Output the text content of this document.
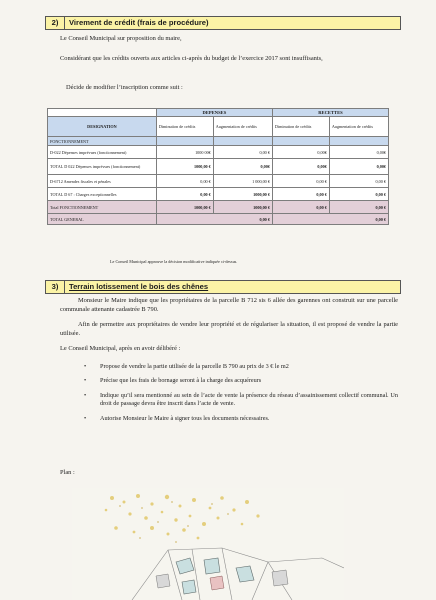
2) Virement de crédit (frais de procédure)
Le Conseil Municipal sur proposition du maire,
Considérant que les crédits ouverts aux articles ci-après du budget de l’exercice 2017 sont insuffisants,
Décide de modifier l’inscription comme suit :
	DEPENSES		RECETTES	
DESIGNATION	Diminution de crédits	Augmentation de crédits	Diminution de crédits	Augmentation de crédits
FONCTIONNEMENT				
D-022 Dépenses imprévues (fonctionnement)	1000 00€	0,00 €	0,00€	0,00€
TOTAL D 022 Dépenses imprévues (fonctionnement)	1000,00 €	0,00€	0,00€	0,00€
D-6712 Amendes fiscales et pénales	0,00 €	1 000,00 €	0,00 €	0,00 €
TOTAL D 67 : Charges exceptionnelles	0,00 €	1000,00 €	0,00 €	0,00 €
Total FONCTIONNEMENT	1000,00 €	1000,00 €	0,00 €	0,00 €
TOTAL GENERAL	0,00 €		0,00 €	
Le Conseil Municipal approuve la décision modificative indiquée ci-dessus.
3) Terrain lotissement le bois des chênes
Monsieur le Maire indique que les propriétaires de la parcelle B 712 sis 6 allée des garennes ont construit sur une parcelle communale attenante cadastrée B 790.
Afin de permettre aux propriétaires de vendre leur propriété et de régulariser la situation, il est proposé de vendre la partie utilisée.
Le Conseil Municipal, après en avoir délibéré :
• Propose de vendre la partie utilisée de la parcelle B 790 au prix de 3 € le m2
• Précise que les frais de bornage seront à la charge des acquéreurs
• Indique qu’il sera mentionné au sein de l’acte de vente la présence du réseau d’assainissement collectif communal. Un droit de passage devra être inscrit dans l’acte de vente.
• Autorise Monsieur le Maire à signer tous les documents nécessaires.
Plan :
